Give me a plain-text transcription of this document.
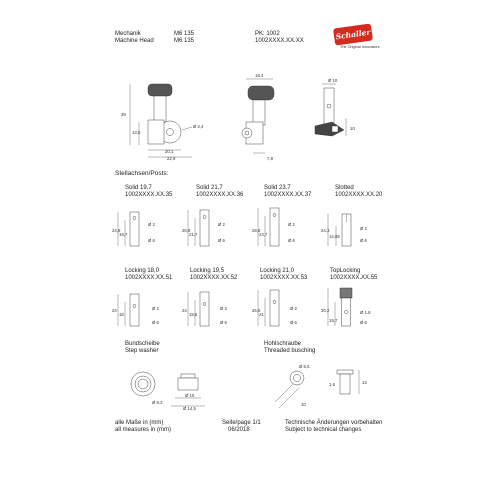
Mechanik
Machine Head
M6 135
M6 135
PK: 1002
1002XXXX.XX.XX	Schaller
The Original Innovators
39
13,5
Ø 2,4
20,1
22,9
18,4
7,8
Ø 10
10
Stellachsen/Posts:
Solid 19,7
1002XXXX.XX.35
Solid 21,7
1002XXXX.XX.36
Solid 23,7
1002XXXX.XX.37
Slotted
1002XXXX.XX.20
24,8
19,7
Ø 2
Ø 6
26,8
21,7
Ø 2
Ø 6
28,8
23,7
Ø 2
Ø 6
24,3
14,65
Ø 2
Ø 6
Locking 18,0
1002XXXX.XX.51
Locking 19,5
1002XXXX.XX.52
Locking 21,0
1002XXXX.XX.53
TopLocking
1002XXXX.XX.55
24
18
Ø 2
Ø 6
24
19,5
Ø 2
Ø 6
25,5
21
Ø 2
Ø 6
30,2
19,7
Ø 1,8
Ø 6
Bundscheibe
Step washer
Hohlschraube
Threaded busching
Ø 8,2
Ø 10
Ø 14,5
Ø 6,5
10
1,6	13
alle Maße in (mm)
all measures in (mm)
Seite/page 1/1
06/2018
Technische Änderungen vorbehalten
Subject to technical changes
